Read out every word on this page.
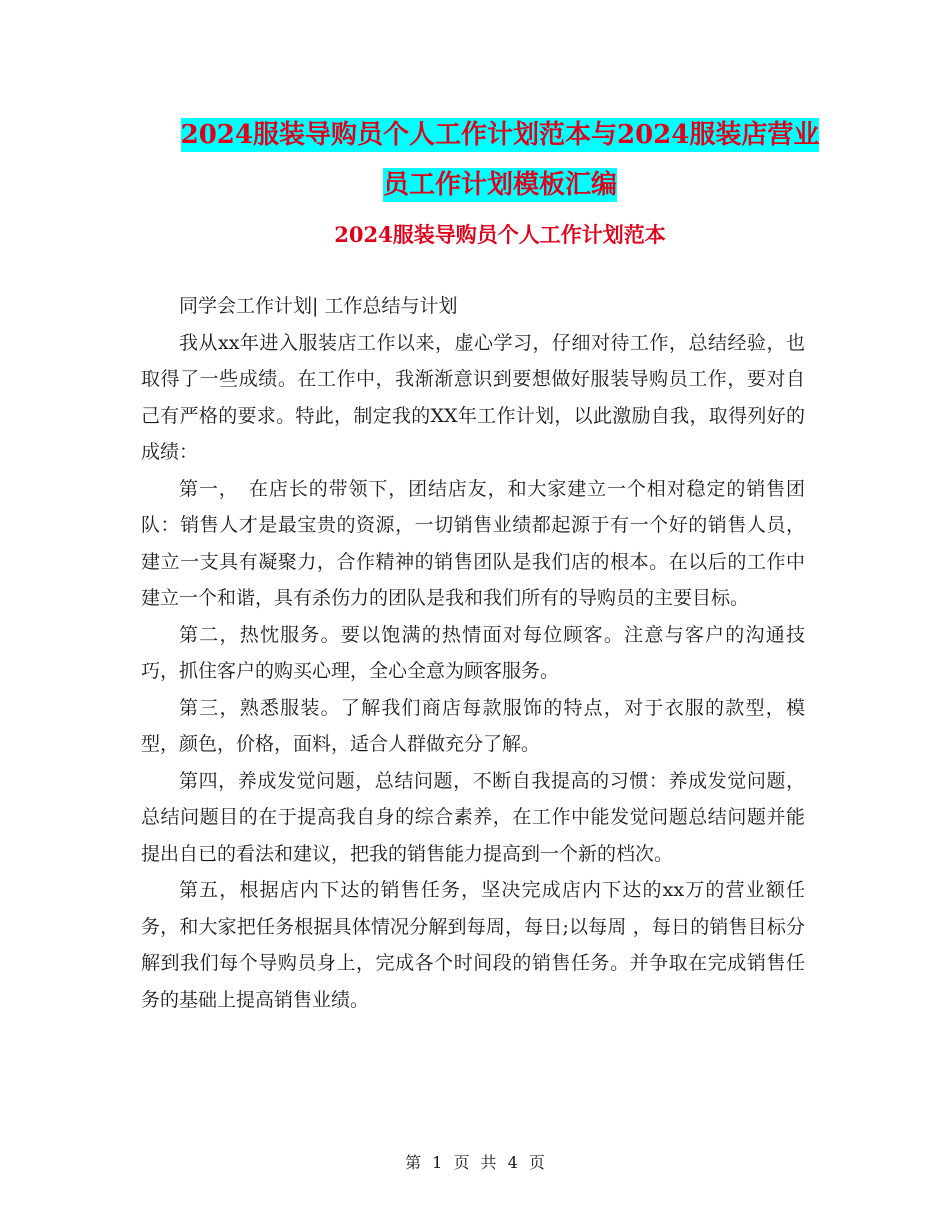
2024服装导购员个人工作计划范本与2024服装店营业
员工作计划模板汇编
2024服装导购员个人工作计划范本

同学会工作计划| 工作总结与计划

我从xx年进入服装店工作以来，虚心学习，仔细对待工作，总结经验，也取得了一些成绩。在工作中，我渐渐意识到要想做好服装导购员工作，要对自己有严格的要求。特此，制定我的XX年工作计划，以此激励自我，取得列好的成绩：

第一，　在店长的带领下，团结店友，和大家建立一个相对稳定的销售团队：销售人才是最宝贵的资源，一切销售业绩都起源于有一个好的销售人员，建立一支具有凝聚力，合作精神的销售团队是我们店的根本。在以后的工作中建立一个和谐，具有杀伤力的团队是我和我们所有的导购员的主要目标。

第二，热忱服务。要以饱满的热情面对每位顾客。注意与客户的沟通技巧，抓住客户的购买心理，全心全意为顾客服务。

第三，熟悉服装。了解我们商店每款服饰的特点，对于衣服的款型，模型，颜色，价格，面料，适合人群做充分了解。

第四，养成发觉问题，总结问题，不断自我提高的习惯：养成发觉问题，总结问题目的在于提高我自身的综合素养，在工作中能发觉问题总结问题并能提出自已的看法和建议，把我的销售能力提高到一个新的档次。

第五，根据店内下达的销售任务，坚决完成店内下达的xx万的营业额任务，和大家把任务根据具体情况分解到每周，每日;以每周 ，每日的销售目标分解到我们每个导购员身上，完成各个时间段的销售任务。并争取在完成销售任务的基础上提高销售业绩。

第 1 页 共 4 页
